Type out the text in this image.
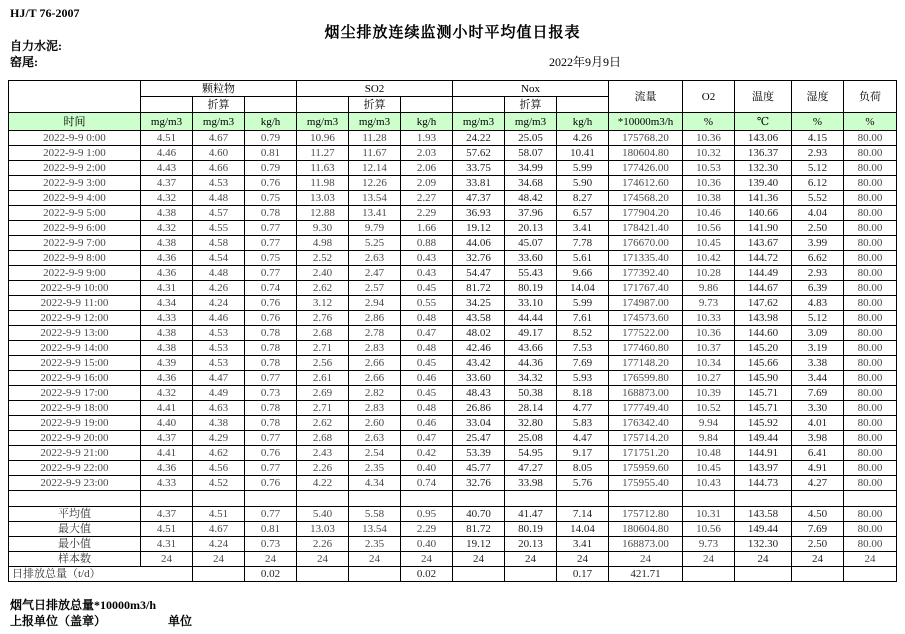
HJ/T 76-2007
烟尘排放连续监测小时平均值日报表
自力水泥:
窑尾:	2022年9月9日
	颗粒物			SO2			Nox			流量	O2	温度	湿度	负荷
		折算			折算			折算						
时间	mg/m3	mg/m3	kg/h	mg/m3	mg/m3	kg/h	mg/m3	mg/m3	kg/h	*10000m3/h	%	℃	%	%
2022-9-9 0:00	4.51	4.67	0.79	10.96	11.28	1.93	24.22	25.05	4.26	175768.20	10.36	143.06	4.15	80.00
2022-9-9 1:00	4.46	4.60	0.81	11.27	11.67	2.03	57.62	58.07	10.41	180604.80	10.32	136.37	2.93	80.00
2022-9-9 2:00	4.43	4.66	0.79	11.63	12.14	2.06	33.75	34.99	5.99	177426.00	10.53	132.30	5.12	80.00
2022-9-9 3:00	4.37	4.53	0.76	11.98	12.26	2.09	33.81	34.68	5.90	174612.60	10.36	139.40	6.12	80.00
2022-9-9 4:00	4.32	4.48	0.75	13.03	13.54	2.27	47.37	48.42	8.27	174568.20	10.38	141.36	5.52	80.00
2022-9-9 5:00	4.38	4.57	0.78	12.88	13.41	2.29	36.93	37.96	6.57	177904.20	10.46	140.66	4.04	80.00
2022-9-9 6:00	4.32	4.55	0.77	9.30	9.79	1.66	19.12	20.13	3.41	178421.40	10.56	141.90	2.50	80.00
2022-9-9 7:00	4.38	4.58	0.77	4.98	5.25	0.88	44.06	45.07	7.78	176670.00	10.45	143.67	3.99	80.00
2022-9-9 8:00	4.36	4.54	0.75	2.52	2.63	0.43	32.76	33.60	5.61	171335.40	10.42	144.72	6.62	80.00
2022-9-9 9:00	4.36	4.48	0.77	2.40	2.47	0.43	54.47	55.43	9.66	177392.40	10.28	144.49	2.93	80.00
2022-9-9 10:00	4.31	4.26	0.74	2.62	2.57	0.45	81.72	80.19	14.04	171767.40	9.86	144.67	6.39	80.00
2022-9-9 11:00	4.34	4.24	0.76	3.12	2.94	0.55	34.25	33.10	5.99	174987.00	9.73	147.62	4.83	80.00
2022-9-9 12:00	4.33	4.46	0.76	2.76	2.86	0.48	43.58	44.44	7.61	174573.60	10.33	143.98	5.12	80.00
2022-9-9 13:00	4.38	4.53	0.78	2.68	2.78	0.47	48.02	49.17	8.52	177522.00	10.36	144.60	3.09	80.00
2022-9-9 14:00	4.38	4.53	0.78	2.71	2.83	0.48	42.46	43.66	7.53	177460.80	10.37	145.20	3.19	80.00
2022-9-9 15:00	4.39	4.53	0.78	2.56	2.66	0.45	43.42	44.36	7.69	177148.20	10.34	145.66	3.38	80.00
2022-9-9 16:00	4.36	4.47	0.77	2.61	2.66	0.46	33.60	34.32	5.93	176599.80	10.27	145.90	3.44	80.00
2022-9-9 17:00	4.32	4.49	0.73	2.69	2.82	0.45	48.43	50.38	8.18	168873.00	10.39	145.71	7.69	80.00
2022-9-9 18:00	4.41	4.63	0.78	2.71	2.83	0.48	26.86	28.14	4.77	177749.40	10.52	145.71	3.30	80.00
2022-9-9 19:00	4.40	4.38	0.78	2.62	2.60	0.46	33.04	32.80	5.83	176342.40	9.94	145.92	4.01	80.00
2022-9-9 20:00	4.37	4.29	0.77	2.68	2.63	0.47	25.47	25.08	4.47	175714.20	9.84	149.44	3.98	80.00
2022-9-9 21:00	4.41	4.62	0.76	2.43	2.54	0.42	53.39	54.95	9.17	171751.20	10.48	144.91	6.41	80.00
2022-9-9 22:00	4.36	4.56	0.77	2.26	2.35	0.40	45.77	47.27	8.05	175959.60	10.45	143.97	4.91	80.00
2022-9-9 23:00	4.33	4.52	0.76	4.22	4.34	0.74	32.76	33.98	5.76	175955.40	10.43	144.73	4.27	80.00

平均值	4.37	4.51	0.77	5.40	5.58	0.95	40.70	41.47	7.14	175712.80	10.31	143.58	4.50	80.00
最大值	4.51	4.67	0.81	13.03	13.54	2.29	81.72	80.19	14.04	180604.80	10.56	149.44	7.69	80.00
最小值	4.31	4.24	0.73	2.26	2.35	0.40	19.12	20.13	3.41	168873.00	9.73	132.30	2.50	80.00
样本数	24	24	24	24	24	24	24	24	24	24	24	24	24	24
日排放总量（t/d）			0.02			0.02			0.17	421.71				
烟气日排放总量*10000m3/h
上报单位（盖章）	单位
